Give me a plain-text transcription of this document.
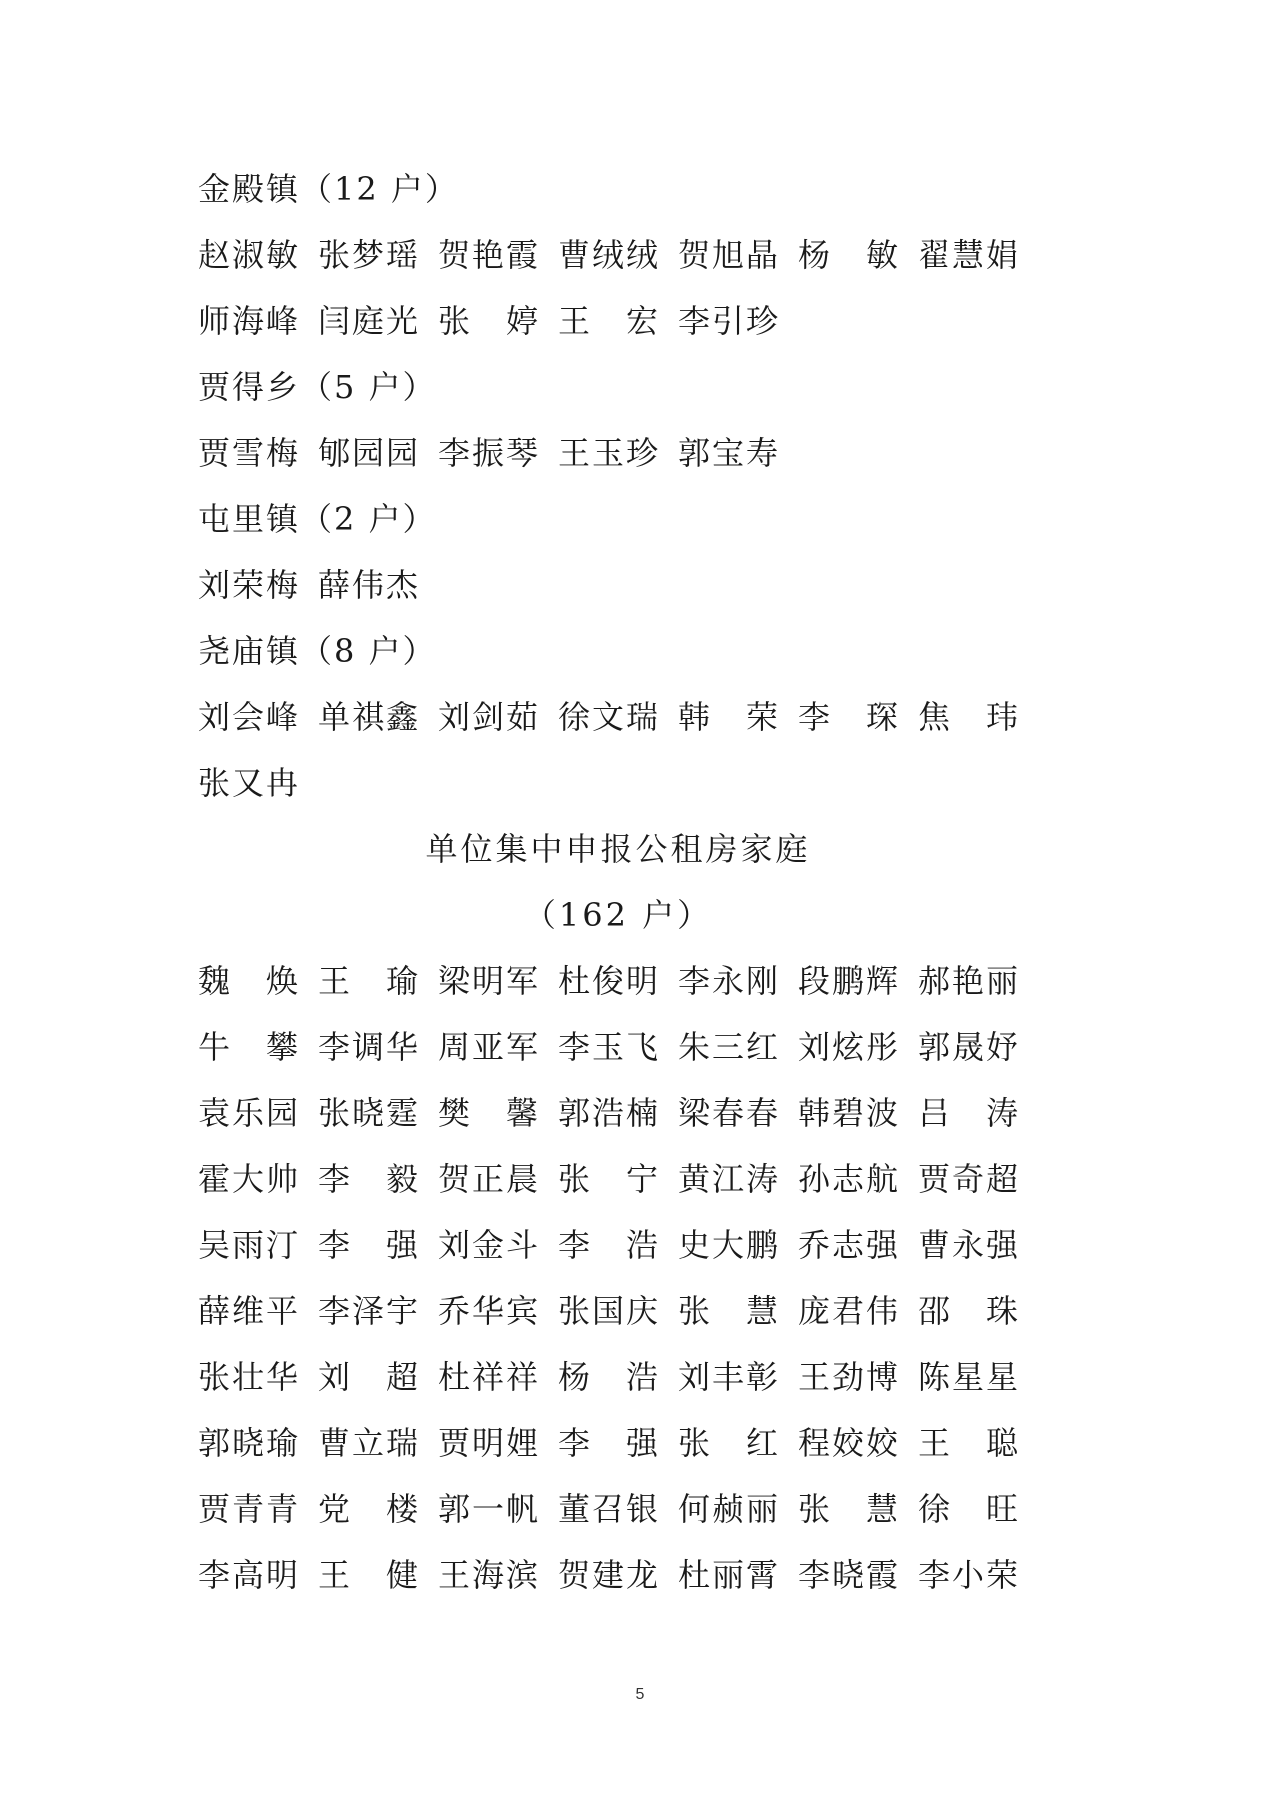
金殿镇（12 户）
赵淑敏 张梦瑶 贺艳霞 曹绒绒 贺旭晶 杨　敏 翟慧娟
师海峰 闫庭光 张　婷 王　宏 李引珍
贾得乡（5 户）
贾雪梅 郇园园 李振琴 王玉珍 郭宝寿
屯里镇（2 户）
刘荣梅 薛伟杰
尧庙镇（8 户）
刘会峰 单祺鑫 刘剑茹 徐文瑞 韩　荣 李　琛 焦　玮
张又冉
单位集中申报公租房家庭
（162 户）
魏　焕 王　瑜 梁明军 杜俊明 李永刚 段鹏辉 郝艳丽
牛　攀 李调华 周亚军 李玉飞 朱三红 刘炫彤 郭晟妤
袁乐园 张晓霆 樊　馨 郭浩楠 梁春春 韩碧波 吕　涛
霍大帅 李　毅 贺正晨 张　宁 黄江涛 孙志航 贾奇超
吴雨汀 李　强 刘金斗 李　浩 史大鹏 乔志强 曹永强
薛维平 李泽宇 乔华宾 张国庆 张　慧 庞君伟 邵　珠
张壮华 刘　超 杜祥祥 杨　浩 刘丰彰 王劲博 陈星星
郭晓瑜 曹立瑞 贾明娌 李　强 张　红 程姣姣 王　聪
贾青青 党　楼 郭一帆 董召银 何赪丽 张　慧 徐　旺
李高明 王　健 王海滨 贺建龙 杜丽霄 李晓霞 李小荣
5
